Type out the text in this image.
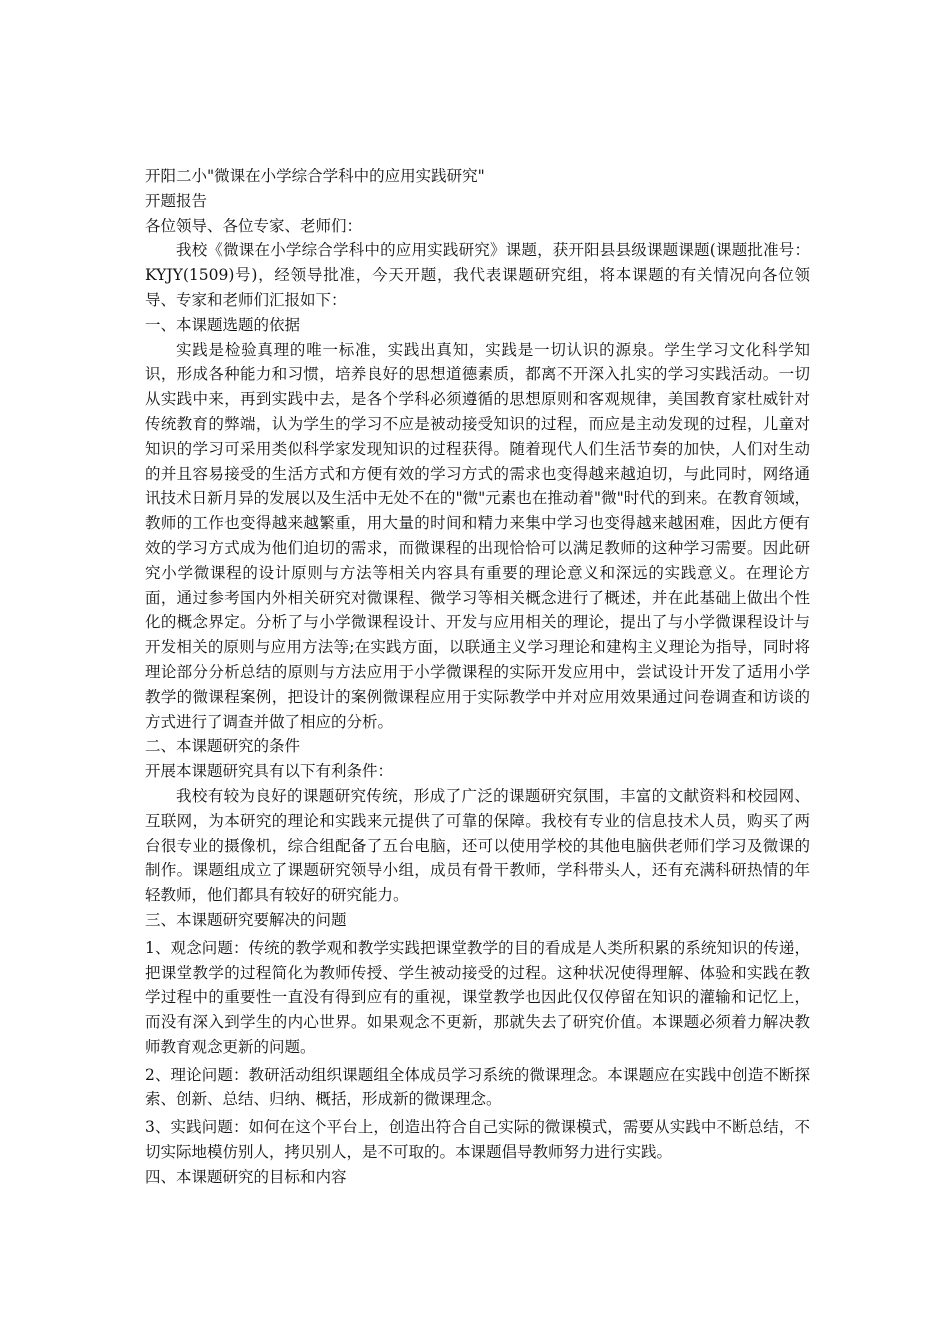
开阳二小"微课在小学综合学科中的应用实践研究"

开题报告

各位领导、各位专家、老师们：

我校《微课在小学综合学科中的应用实践研究》课题，获开阳县县级课题课题(课题批准号：KYJY(1509)号)，经领导批准，今天开题，我代表课题研究组，将本课题的有关情况向各位领导、专家和老师们汇报如下：

一、本课题选题的依据

实践是检验真理的唯一标准，实践出真知，实践是一切认识的源泉。学生学习文化科学知识，形成各种能力和习惯，培养良好的思想道德素质，都离不开深入扎实的学习实践活动。一切从实践中来，再到实践中去，是各个学科必须遵循的思想原则和客观规律，美国教育家杜威针对传统教育的弊端，认为学生的学习不应是被动接受知识的过程，而应是主动发现的过程，儿童对知识的学习可采用类似科学家发现知识的过程获得。随着现代人们生活节奏的加快，人们对生动的并且容易接受的生活方式和方便有效的学习方式的需求也变得越来越迫切，与此同时，网络通讯技术日新月异的发展以及生活中无处不在的"微"元素也在推动着"微"时代的到来。在教育领域，教师的工作也变得越来越繁重，用大量的时间和精力来集中学习也变得越来越困难，因此方便有效的学习方式成为他们迫切的需求，而微课程的出现恰恰可以满足教师的这种学习需要。因此研究小学微课程的设计原则与方法等相关内容具有重要的理论意义和深远的实践意义。在理论方面，通过参考国内外相关研究对微课程、微学习等相关概念进行了概述，并在此基础上做出个性化的概念界定。分析了与小学微课程设计、开发与应用相关的理论，提出了与小学微课程设计与开发相关的原则与应用方法等;在实践方面，以联通主义学习理论和建构主义理论为指导，同时将理论部分分析总结的原则与方法应用于小学微课程的实际开发应用中，尝试设计开发了适用小学教学的微课程案例，把设计的案例微课程应用于实际教学中并对应用效果通过问卷调查和访谈的方式进行了调查并做了相应的分析。

二、本课题研究的条件

开展本课题研究具有以下有利条件：

我校有较为良好的课题研究传统，形成了广泛的课题研究氛围，丰富的文献资料和校园网、互联网，为本研究的理论和实践来元提供了可靠的保障。我校有专业的信息技术人员，购买了两台很专业的摄像机，综合组配备了五台电脑，还可以使用学校的其他电脑供老师们学习及微课的制作。课题组成立了课题研究领导小组，成员有骨干教师，学科带头人，还有充满科研热情的年轻教师，他们都具有较好的研究能力。

三、本课题研究要解决的问题

1、观念问题：传统的教学观和教学实践把课堂教学的目的看成是人类所积累的系统知识的传递，把课堂教学的过程简化为教师传授、学生被动接受的过程。这种状况使得理解、体验和实践在教学过程中的重要性一直没有得到应有的重视，课堂教学也因此仅仅停留在知识的灌输和记忆上，而没有深入到学生的内心世界。如果观念不更新，那就失去了研究价值。本课题必须着力解决教师教育观念更新的问题。

2、理论问题：教研活动组织课题组全体成员学习系统的微课理念。本课题应在实践中创造不断探索、创新、总结、归纳、概括，形成新的微课理念。

3、实践问题：如何在这个平台上，创造出符合自己实际的微课模式，需要从实践中不断总结，不切实际地模仿别人，拷贝别人，是不可取的。本课题倡导教师努力进行实践。

四、本课题研究的目标和内容
